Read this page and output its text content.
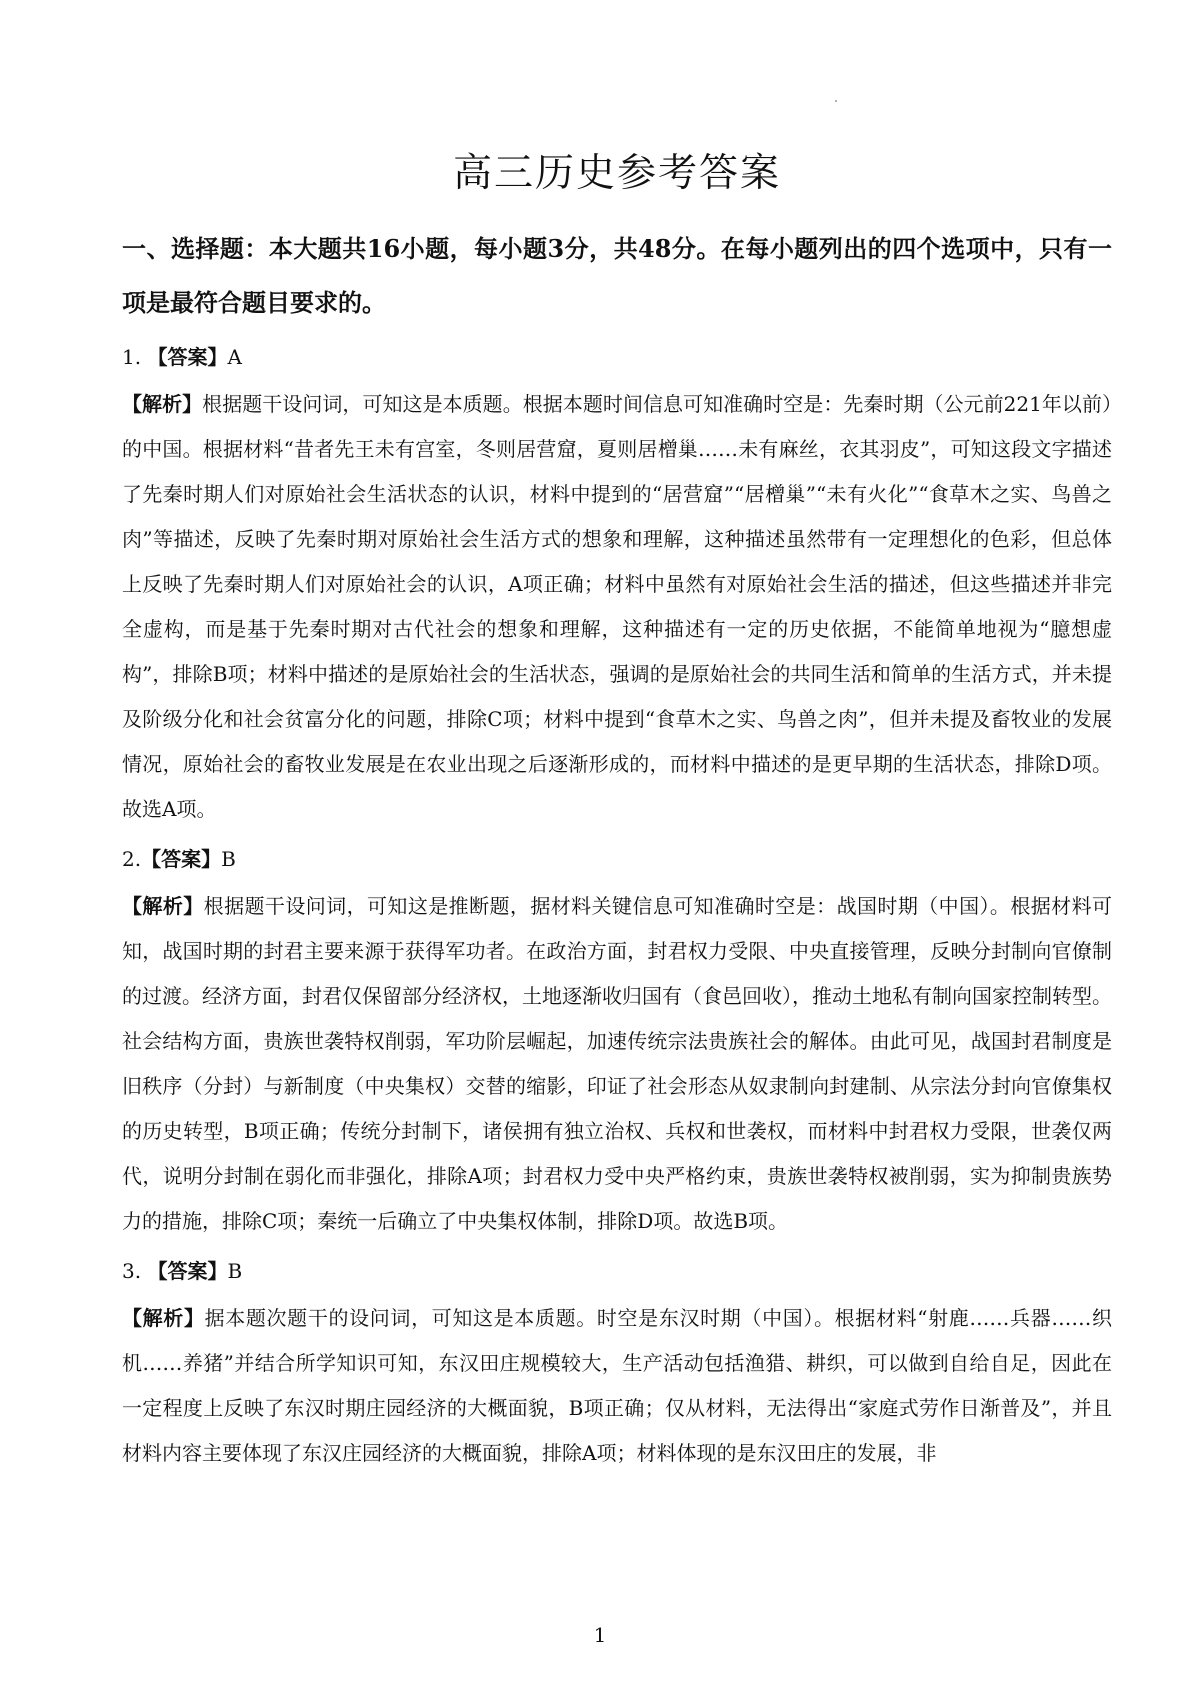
高三历史参考答案

一、选择题：本大题共16小题，每小题3分，共48分。在每小题列出的四个选项中，只有一项是最符合题目要求的。

1. 【答案】A

【解析】根据题干设问词，可知这是本质题。根据本题时间信息可知准确时空是：先秦时期（公元前221年以前）的中国。根据材料“昔者先王未有宫室，冬则居营窟，夏则居橧巢……未有麻丝，衣其羽皮”，可知这段文字描述了先秦时期人们对原始社会生活状态的认识，材料中提到的“居营窟”“居橧巢”“未有火化”“食草木之实、鸟兽之肉”等描述，反映了先秦时期对原始社会生活方式的想象和理解，这种描述虽然带有一定理想化的色彩，但总体上反映了先秦时期人们对原始社会的认识，A项正确；材料中虽然有对原始社会生活的描述，但这些描述并非完全虚构，而是基于先秦时期对古代社会的想象和理解，这种描述有一定的历史依据，不能简单地视为“臆想虚构”，排除B项；材料中描述的是原始社会的生活状态，强调的是原始社会的共同生活和简单的生活方式，并未提及阶级分化和社会贫富分化的问题，排除C项；材料中提到“食草木之实、鸟兽之肉”，但并未提及畜牧业的发展情况，原始社会的畜牧业发展是在农业出现之后逐渐形成的，而材料中描述的是更早期的生活状态，排除D项。故选A项。

2.【答案】B

【解析】根据题干设问词，可知这是推断题，据材料关键信息可知准确时空是：战国时期（中国）。根据材料可知，战国时期的封君主要来源于获得军功者。在政治方面，封君权力受限、中央直接管理，反映分封制向官僚制的过渡。经济方面，封君仅保留部分经济权，土地逐渐收归国有（食邑回收），推动土地私有制向国家控制转型。社会结构方面，贵族世袭特权削弱，军功阶层崛起，加速传统宗法贵族社会的解体。由此可见，战国封君制度是旧秩序（分封）与新制度（中央集权）交替的缩影，印证了社会形态从奴隶制向封建制、从宗法分封向官僚集权的历史转型，B项正确；传统分封制下，诸侯拥有独立治权、兵权和世袭权，而材料中封君权力受限，世袭仅两代，说明分封制在弱化而非强化，排除A项；封君权力受中央严格约束，贵族世袭特权被削弱，实为抑制贵族势力的措施，排除C项；秦统一后确立了中央集权体制，排除D项。故选B项。

3. 【答案】B

【解析】据本题次题干的设问词，可知这是本质题。时空是东汉时期（中国）。根据材料“射鹿……兵器……织机……养猪”并结合所学知识可知，东汉田庄规模较大，生产活动包括渔猎、耕织，可以做到自给自足，因此在一定程度上反映了东汉时期庄园经济的大概面貌，B项正确；仅从材料，无法得出“家庭式劳作日渐普及”，并且材料内容主要体现了东汉庄园经济的大概面貌，排除A项；材料体现的是东汉田庄的发展，非

1
